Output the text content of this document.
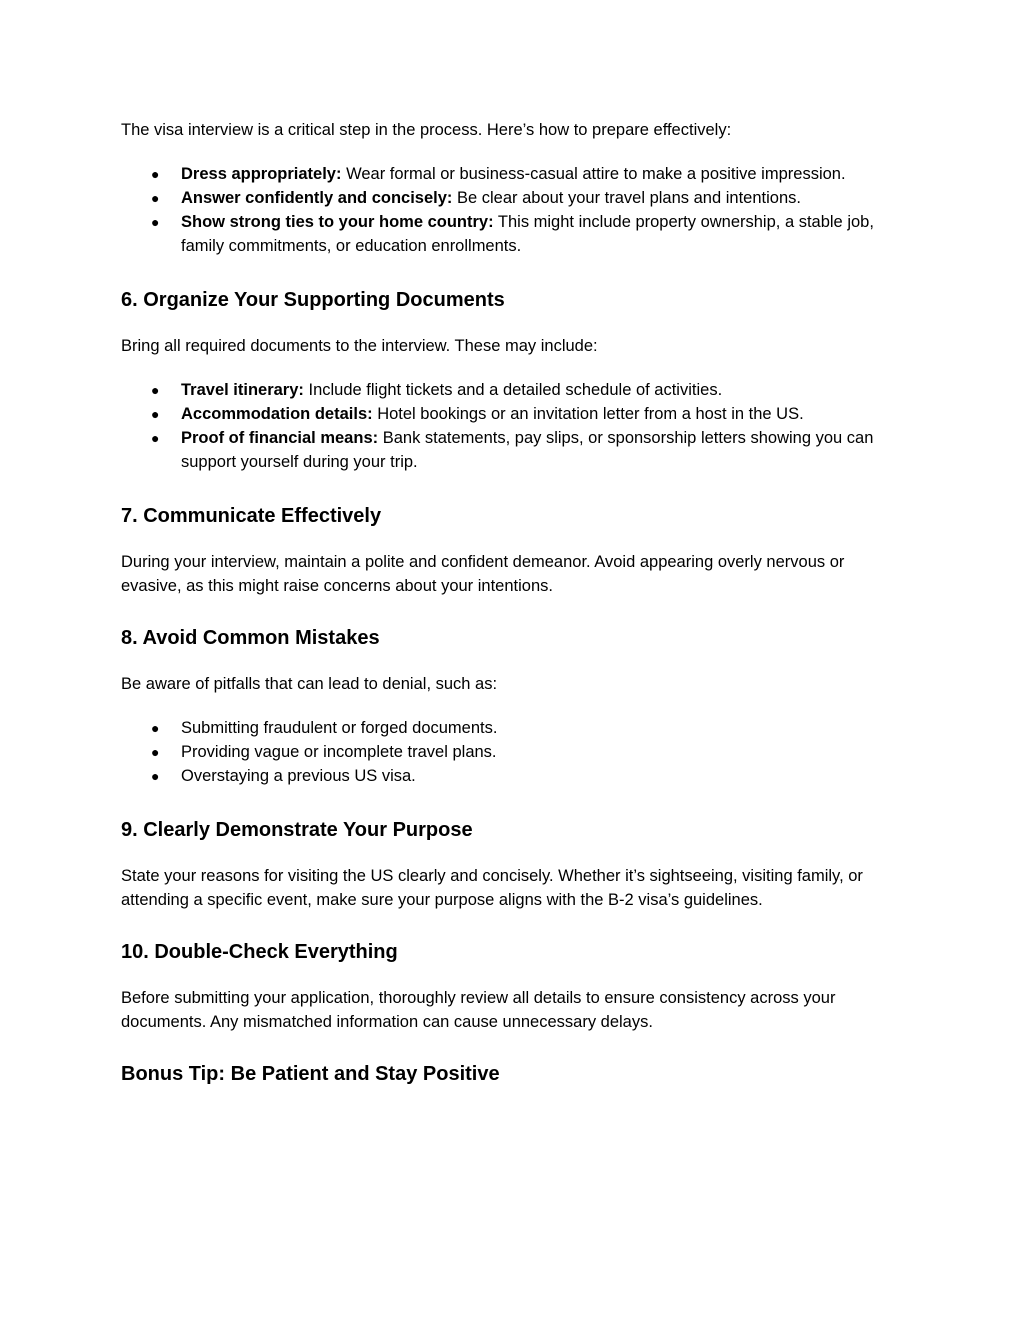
The visa interview is a critical step in the process. Here’s how to prepare effectively:

● Dress appropriately: Wear formal or business-casual attire to make a positive impression.
● Answer confidently and concisely: Be clear about your travel plans and intentions.
● Show strong ties to your home country: This might include property ownership, a stable job, family commitments, or education enrollments.
6. Organize Your Supporting Documents

Bring all required documents to the interview. These may include:

● Travel itinerary: Include flight tickets and a detailed schedule of activities.
● Accommodation details: Hotel bookings or an invitation letter from a host in the US.
● Proof of financial means: Bank statements, pay slips, or sponsorship letters showing you can support yourself during your trip.
7. Communicate Effectively

During your interview, maintain a polite and confident demeanor. Avoid appearing overly nervous or evasive, as this might raise concerns about your intentions.

8. Avoid Common Mistakes

Be aware of pitfalls that can lead to denial, such as:

● Submitting fraudulent or forged documents.
● Providing vague or incomplete travel plans.
● Overstaying a previous US visa.
9. Clearly Demonstrate Your Purpose

State your reasons for visiting the US clearly and concisely. Whether it’s sightseeing, visiting family, or attending a specific event, make sure your purpose aligns with the B-2 visa’s guidelines.

10. Double-Check Everything

Before submitting your application, thoroughly review all details to ensure consistency across your documents. Any mismatched information can cause unnecessary delays.

Bonus Tip: Be Patient and Stay Positive
